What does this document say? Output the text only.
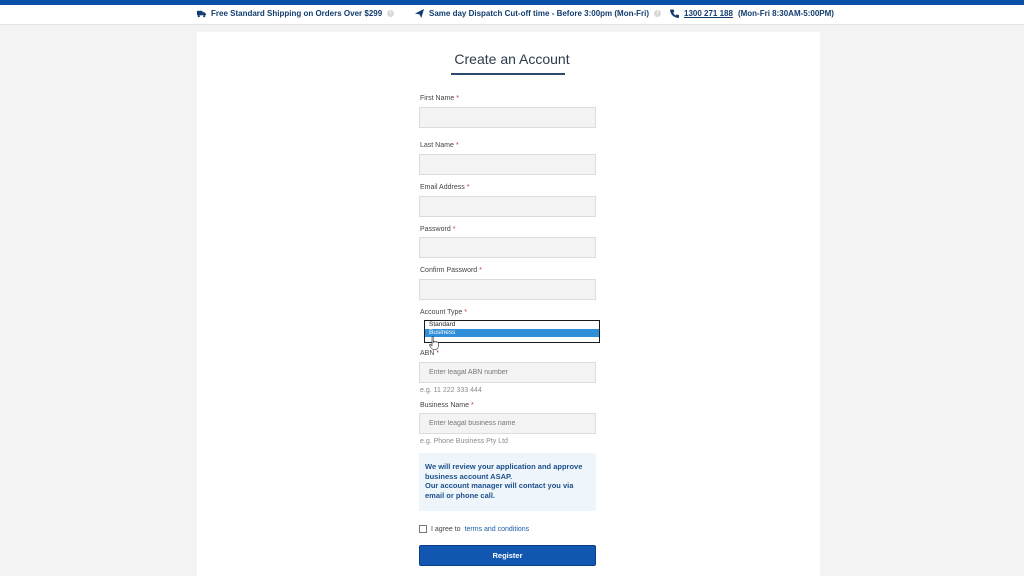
Free Standard Shipping on Orders Over $299	i	Same day Dispatch Cut-off time - Before 3:00pm (Mon-Fri)	i	1300 271 188 (Mon-Fri 8:30AM-5:00PM)
Create an Account
First Name *
Last Name *
Email Address *
Password *
Confirm Password *
Account Type *
Standard
Business
ABN *
Enter leagal ABN number
e.g. 11 222 333 444
Business Name *
Enter leagal business name
e.g. Phone Business Pty Ltd
We will review your application and approve business account ASAP.
Our account manager will contact you via email or phone call.
I agree to terms and conditions
Register
